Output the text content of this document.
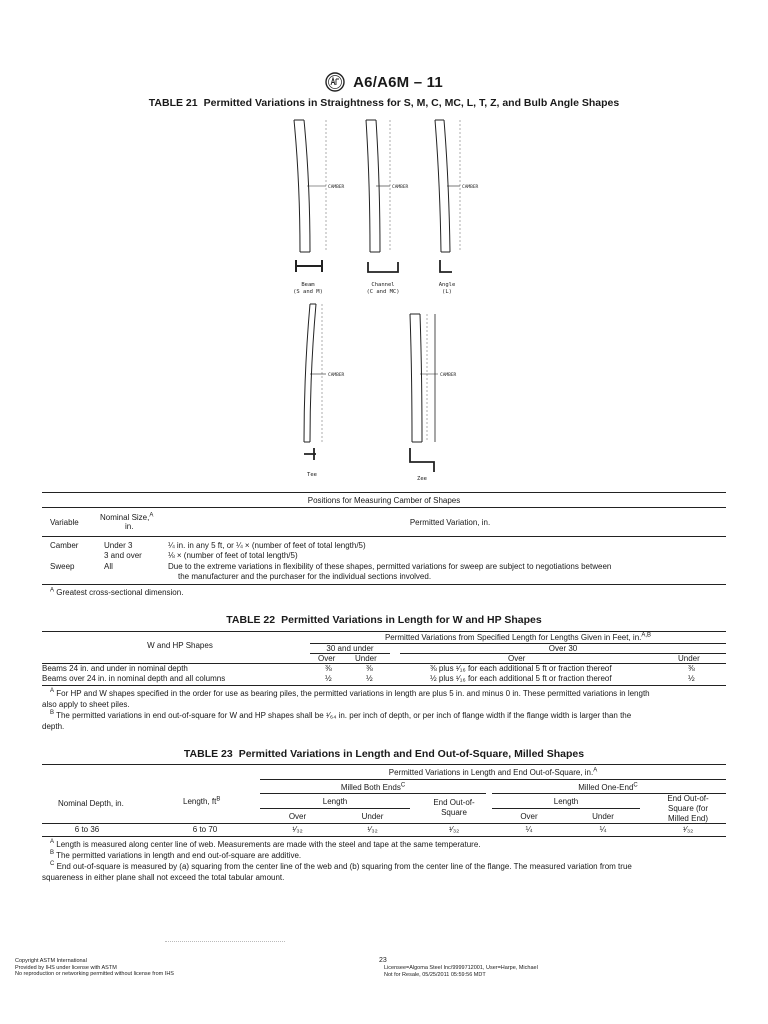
A6/A6M – 11
TABLE 21 Permitted Variations in Straightness for S, M, C, MC, L, T, Z, and Bulb Angle Shapes
CAMBER
Beam
(S and M)
CAMBER
Channel
(C and MC)
CAMBER
Angle
(L)
CAMBER
Tee
CAMBER
Zee
Positions for Measuring Camber of Shapes
Variable
Nominal Size,$^A$
in.	Permitted Variation, in.
Camber	Under 3	¼ in. in any 5 ft, or ¼ × (number of feet of total length/5)
3 and over	⅛ × (number of feet of total length/5)
Sweep	All	Due to the extreme variations in flexibility of these shapes, permitted variations for sweep are subject to negotiations between
the manufacturer and the purchaser for the individual sections involved.
$^A$ Greatest cross-sectional dimension.
TABLE 22 Permitted Variations in Length for W and HP Shapes
W and HP Shapes
Permitted Variations from Specified Length for Lengths Given in Feet, in.$^{A,B}$
30 and under	Over 30
Over Under	Over	Under
Beams 24 in. and under in nominal depth	⅜	⅜	⅜ plus ¹⁄₁₆ for each additional 5 ft or fraction thereof	⅜
Beams over 24 in. in nominal depth and all columns	½	½	½ plus ¹⁄₁₆ for each additional 5 ft or fraction thereof	½
$^A$ For HP and W shapes specified in the order for use as bearing piles, the permitted variations in length are plus 5 in. and minus 0 in. These permitted variations in length
also apply to sheet piles.
$^B$ The permitted variations in end out-of-square for W and HP shapes shall be ¹⁄₆₄ in. per inch of depth, or per inch of flange width if the flange width is larger than the
depth.
TABLE 23 Permitted Variations in Length and End Out-of-Square, Milled Shapes
Permitted Variations in Length and End Out-of-Square, in.$^A$
Milled Both Ends$^C$	Milled One-End$^C$
Nominal Depth, in.	Length, $ft^B$	Length	End Out-of-
Square
Length	End Out-of-
Square (for
Milled End)
Over	Under	Over	Under
6 to 36	6 to 70	¹⁄₃₂	¹⁄₃₂	¹⁄₃₂	¼	¼	¹⁄₃₂
$^A$ Length is measured along center line of web. Measurements are made with the steel and tape at the same temperature.
$^B$ The permitted variations in length and end out-of-square are additive.
$^C$ End out-of-square is measured by (a) squaring from the center line of the web and (b) squaring from the center line of the flange. The measured variation from true
squareness in either plane shall not exceed the total tabular amount.
Copyright ASTM International
Provided by IHS under license with ASTM
No reproduction or networking permitted without license from IHS
23
Licensee=Algoma Steel Inc/9999712001, User=Harpe, Michael
Not for Resale, 05/25/2011 05:59:56 MDT
